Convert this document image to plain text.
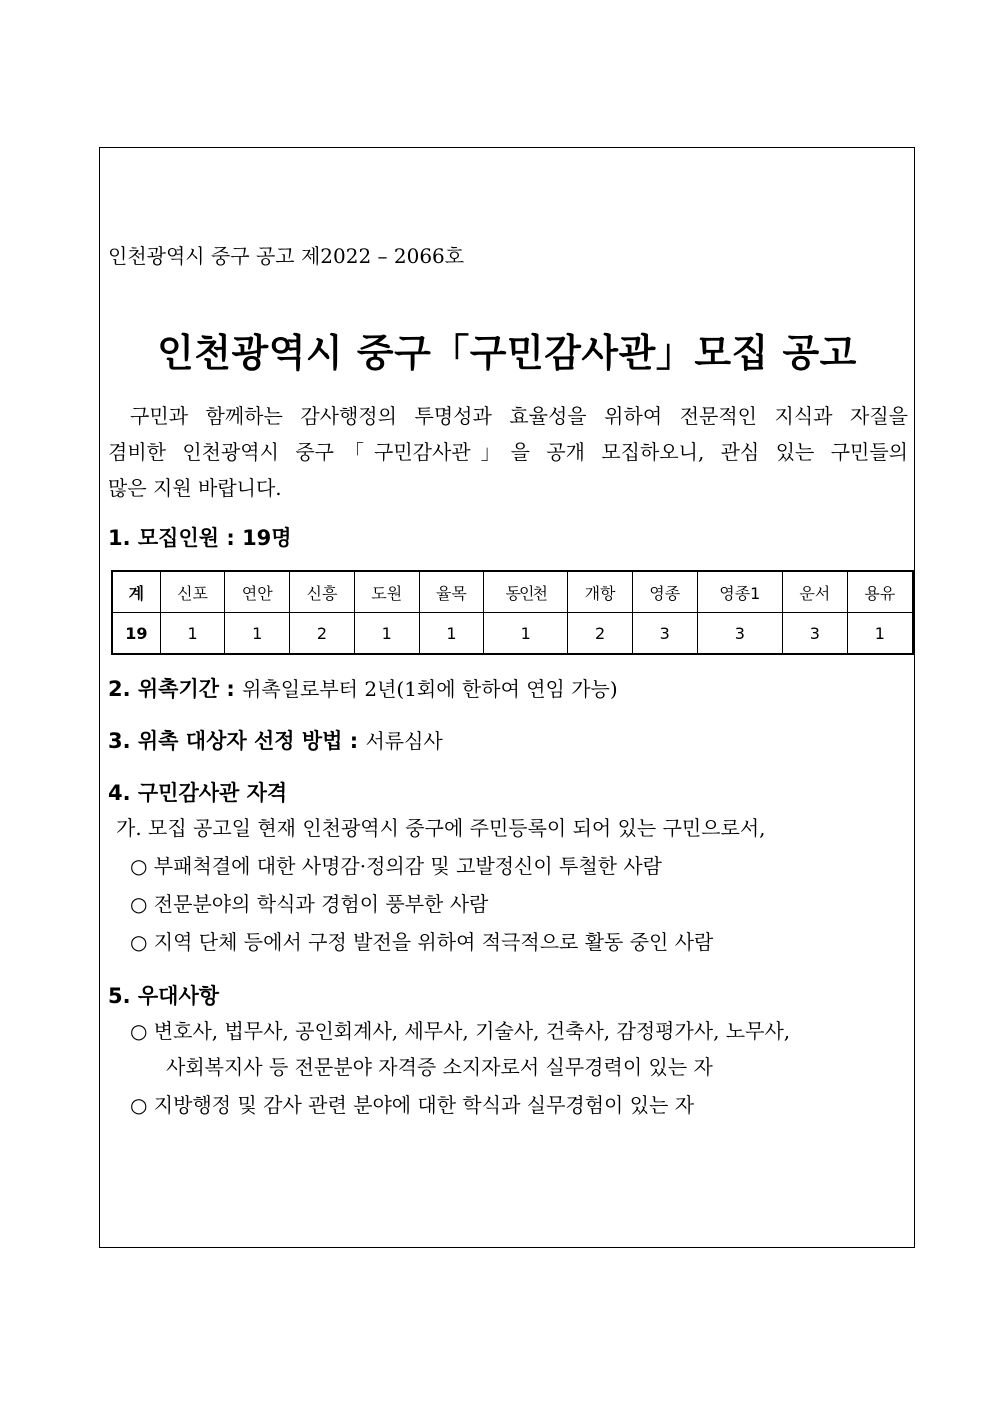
인천광역시 중구 공고 제2022 – 2066호
인천광역시 중구「구민감사관」모집 공고
구민과 함께하는 감사행정의 투명성과 효율성을 위하여 전문적인 지식과 자질을
겸비한 인천광역시 중구「구민감사관」을 공개 모집하오니, 관심 있는 구민들의
많은 지원 바랍니다.
1. 모집인원 : 19명
계	신포	연안	신흥	도원	율목	동인천	개항	영종	영종1	운서	용유
19	1	1	2	1	1	1	2	3	3	3	1
2. 위촉기간 : 위촉일로부터 2년(1회에 한하여 연임 가능)
3. 위촉 대상자 선정 방법 : 서류심사
4. 구민감사관 자격
가. 모집 공고일 현재 인천광역시 중구에 주민등록이 되어 있는 구민으로서,
○ 부패척결에 대한 사명감·정의감 및 고발정신이 투철한 사람
○ 전문분야의 학식과 경험이 풍부한 사람
○ 지역 단체 등에서 구정 발전을 위하여 적극적으로 활동 중인 사람
5. 우대사항
○ 변호사, 법무사, 공인회계사, 세무사, 기술사, 건축사, 감정평가사, 노무사,
사회복지사 등 전문분야 자격증 소지자로서 실무경력이 있는 자
○ 지방행정 및 감사 관련 분야에 대한 학식과 실무경험이 있는 자
